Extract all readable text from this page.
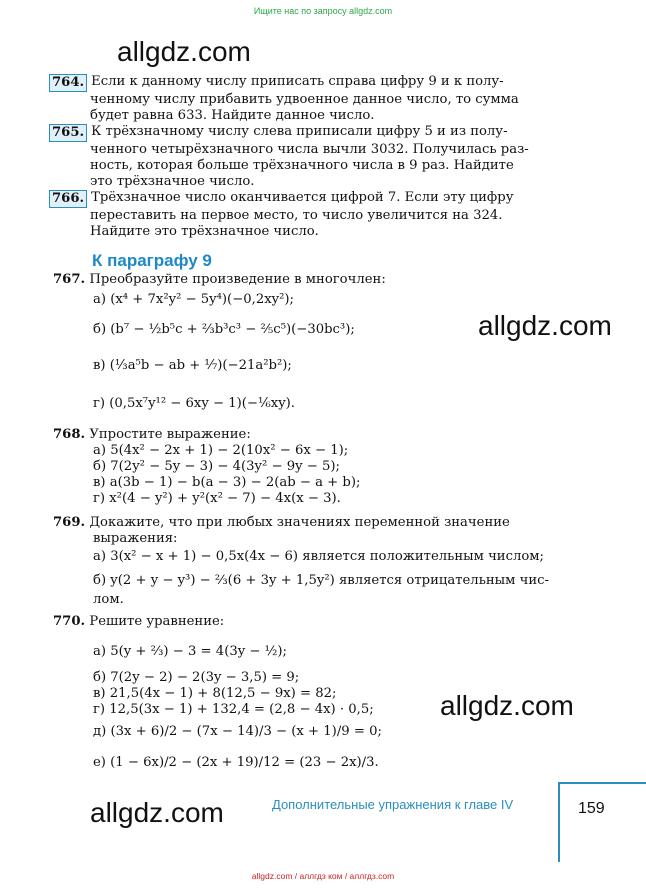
Ищите нас по запросу allgdz.com
allgdz.com
764. Если к данному числу приписать справа цифру 9 и к полу-
ченному числу прибавить удвоенное данное число, то сумма
будет равна 633. Найдите данное число.
765. К трёхзначному числу слева приписали цифру 5 и из полу-
ченного четырёхзначного числа вычли 3032. Получилась раз-
ность, которая больше трёхзначного числа в 9 раз. Найдите
это трёхзначное число.
766. Трёхзначное число оканчивается цифрой 7. Если эту цифру
переставить на первое место, то число увеличится на 324.
Найдите это трёхзначное число.
К параграфу 9
767. Преобразуйте произведение в многочлен:
а) (x⁴ + 7x²y² − 5y⁴)(−0,2xy²);
б) (b⁷ − ½b⁵c + ⅔b³c³ − ⅖c⁵)(−30bc³);
в) (⅓a⁵b − ab + ⅐)(−21a²b²);
г) (0,5x⁷y¹² − 6xy − 1)(−⅙xy).
allgdz.com
768. Упростите выражение:
а) 5(4x² − 2x + 1) − 2(10x² − 6x − 1);
б) 7(2y² − 5y − 3) − 4(3y² − 9y − 5);
в) a(3b − 1) − b(a − 3) − 2(ab − a + b);
г) x²(4 − y²) + y²(x² − 7) − 4x(x − 3).
769. Докажите, что при любых значениях переменной значение
выражения:
а) 3(x² − x + 1) − 0,5x(4x − 6) является положительным числом;
б) y(2 + y − y³) − ⅔(6 + 3y + 1,5y²) является отрицательным чис-
лом.
770. Решите уравнение:
а) 5(y + ⅔) − 3 = 4(3y − ½);
б) 7(2y − 2) − 2(3y − 3,5) = 9;
в) 21,5(4x − 1) + 8(12,5 − 9x) = 82;
г) 12,5(3x − 1) + 132,4 = (2,8 − 4x) · 0,5;
д) (3x + 6)/2 − (7x − 14)/3 − (x + 1)/9 = 0;
е) (1 − 6x)/2 − (2x + 19)/12 = (23 − 2x)/3.
allgdz.com
allgdz.com	Дополнительные упражнения к главе IV	159
allgdz.com / аллгдз ком / аллгдз.com
